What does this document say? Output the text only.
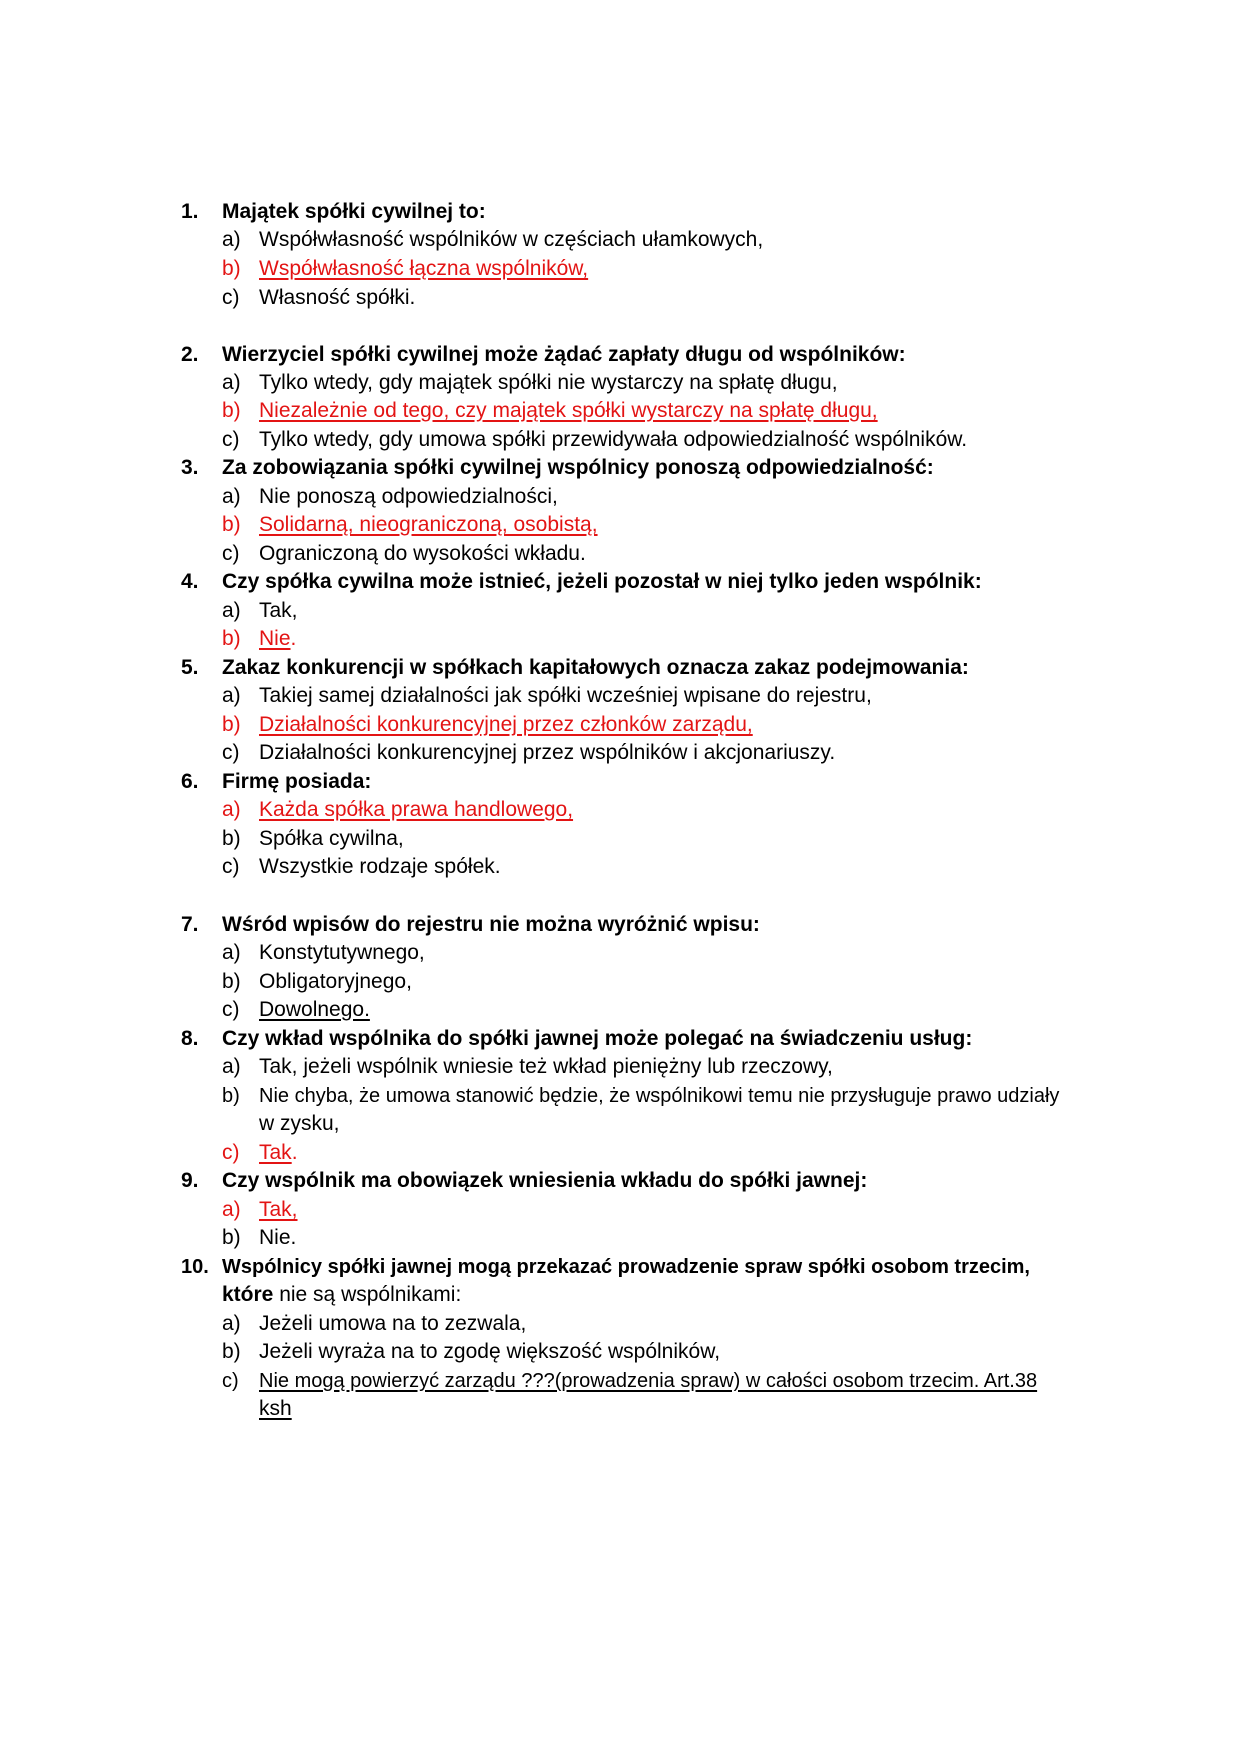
1.	Majątek spółki cywilnej to:
a) Współwłasność wspólników w częściach ułamkowych,
b) Współwłasność łączna wspólników,
c) Własność spółki.
2.	Wierzyciel spółki cywilnej może żądać zapłaty długu od wspólników:
a) Tylko wtedy, gdy majątek spółki nie wystarczy na spłatę długu,
b) Niezależnie od tego, czy majątek spółki wystarczy na spłatę długu,
c) Tylko wtedy, gdy umowa spółki przewidywała odpowiedzialność wspólników.
3.	Za zobowiązania spółki cywilnej wspólnicy ponoszą odpowiedzialność:
a) Nie ponoszą odpowiedzialności,
b) Solidarną, nieograniczoną, osobistą,
c) Ograniczoną do wysokości wkładu.
4.	Czy spółka cywilna może istnieć, jeżeli pozostał w niej tylko jeden wspólnik:
a) Tak,
b) Nie.
5.	Zakaz konkurencji w spółkach kapitałowych oznacza zakaz podejmowania:
a) Takiej samej działalności jak spółki wcześniej wpisane do rejestru,
b) Działalności konkurencyjnej przez członków zarządu,
c) Działalności konkurencyjnej przez wspólników i akcjonariuszy.
6.	Firmę posiada:
a) Każda spółka prawa handlowego,
b) Spółka cywilna,
c) Wszystkie rodzaje spółek.
7.	Wśród wpisów do rejestru nie można wyróżnić wpisu:
a) Konstytutywnego,
b) Obligatoryjnego,
c) Dowolnego.
8.	Czy wkład wspólnika do spółki jawnej może polegać na świadczeniu usług:
a) Tak, jeżeli wspólnik wniesie też wkład pieniężny lub rzeczowy,
b) Nie chyba, że umowa stanowić będzie, że wspólnikowi temu nie przysługuje prawo udziały
w zysku,
c) Tak.
9.	Czy wspólnik ma obowiązek wniesienia wkładu do spółki jawnej:
a) Tak,
b) Nie.
10. Wspólnicy spółki jawnej mogą przekazać prowadzenie spraw spółki osobom trzecim,
które nie są wspólnikami:
a) Jeżeli umowa na to zezwala,
b) Jeżeli wyraża na to zgodę większość wspólników,
c)	Nie mogą powierzyć zarządu ???(prowadzenia spraw) w całości osobom trzecim. Art.38
ksh
